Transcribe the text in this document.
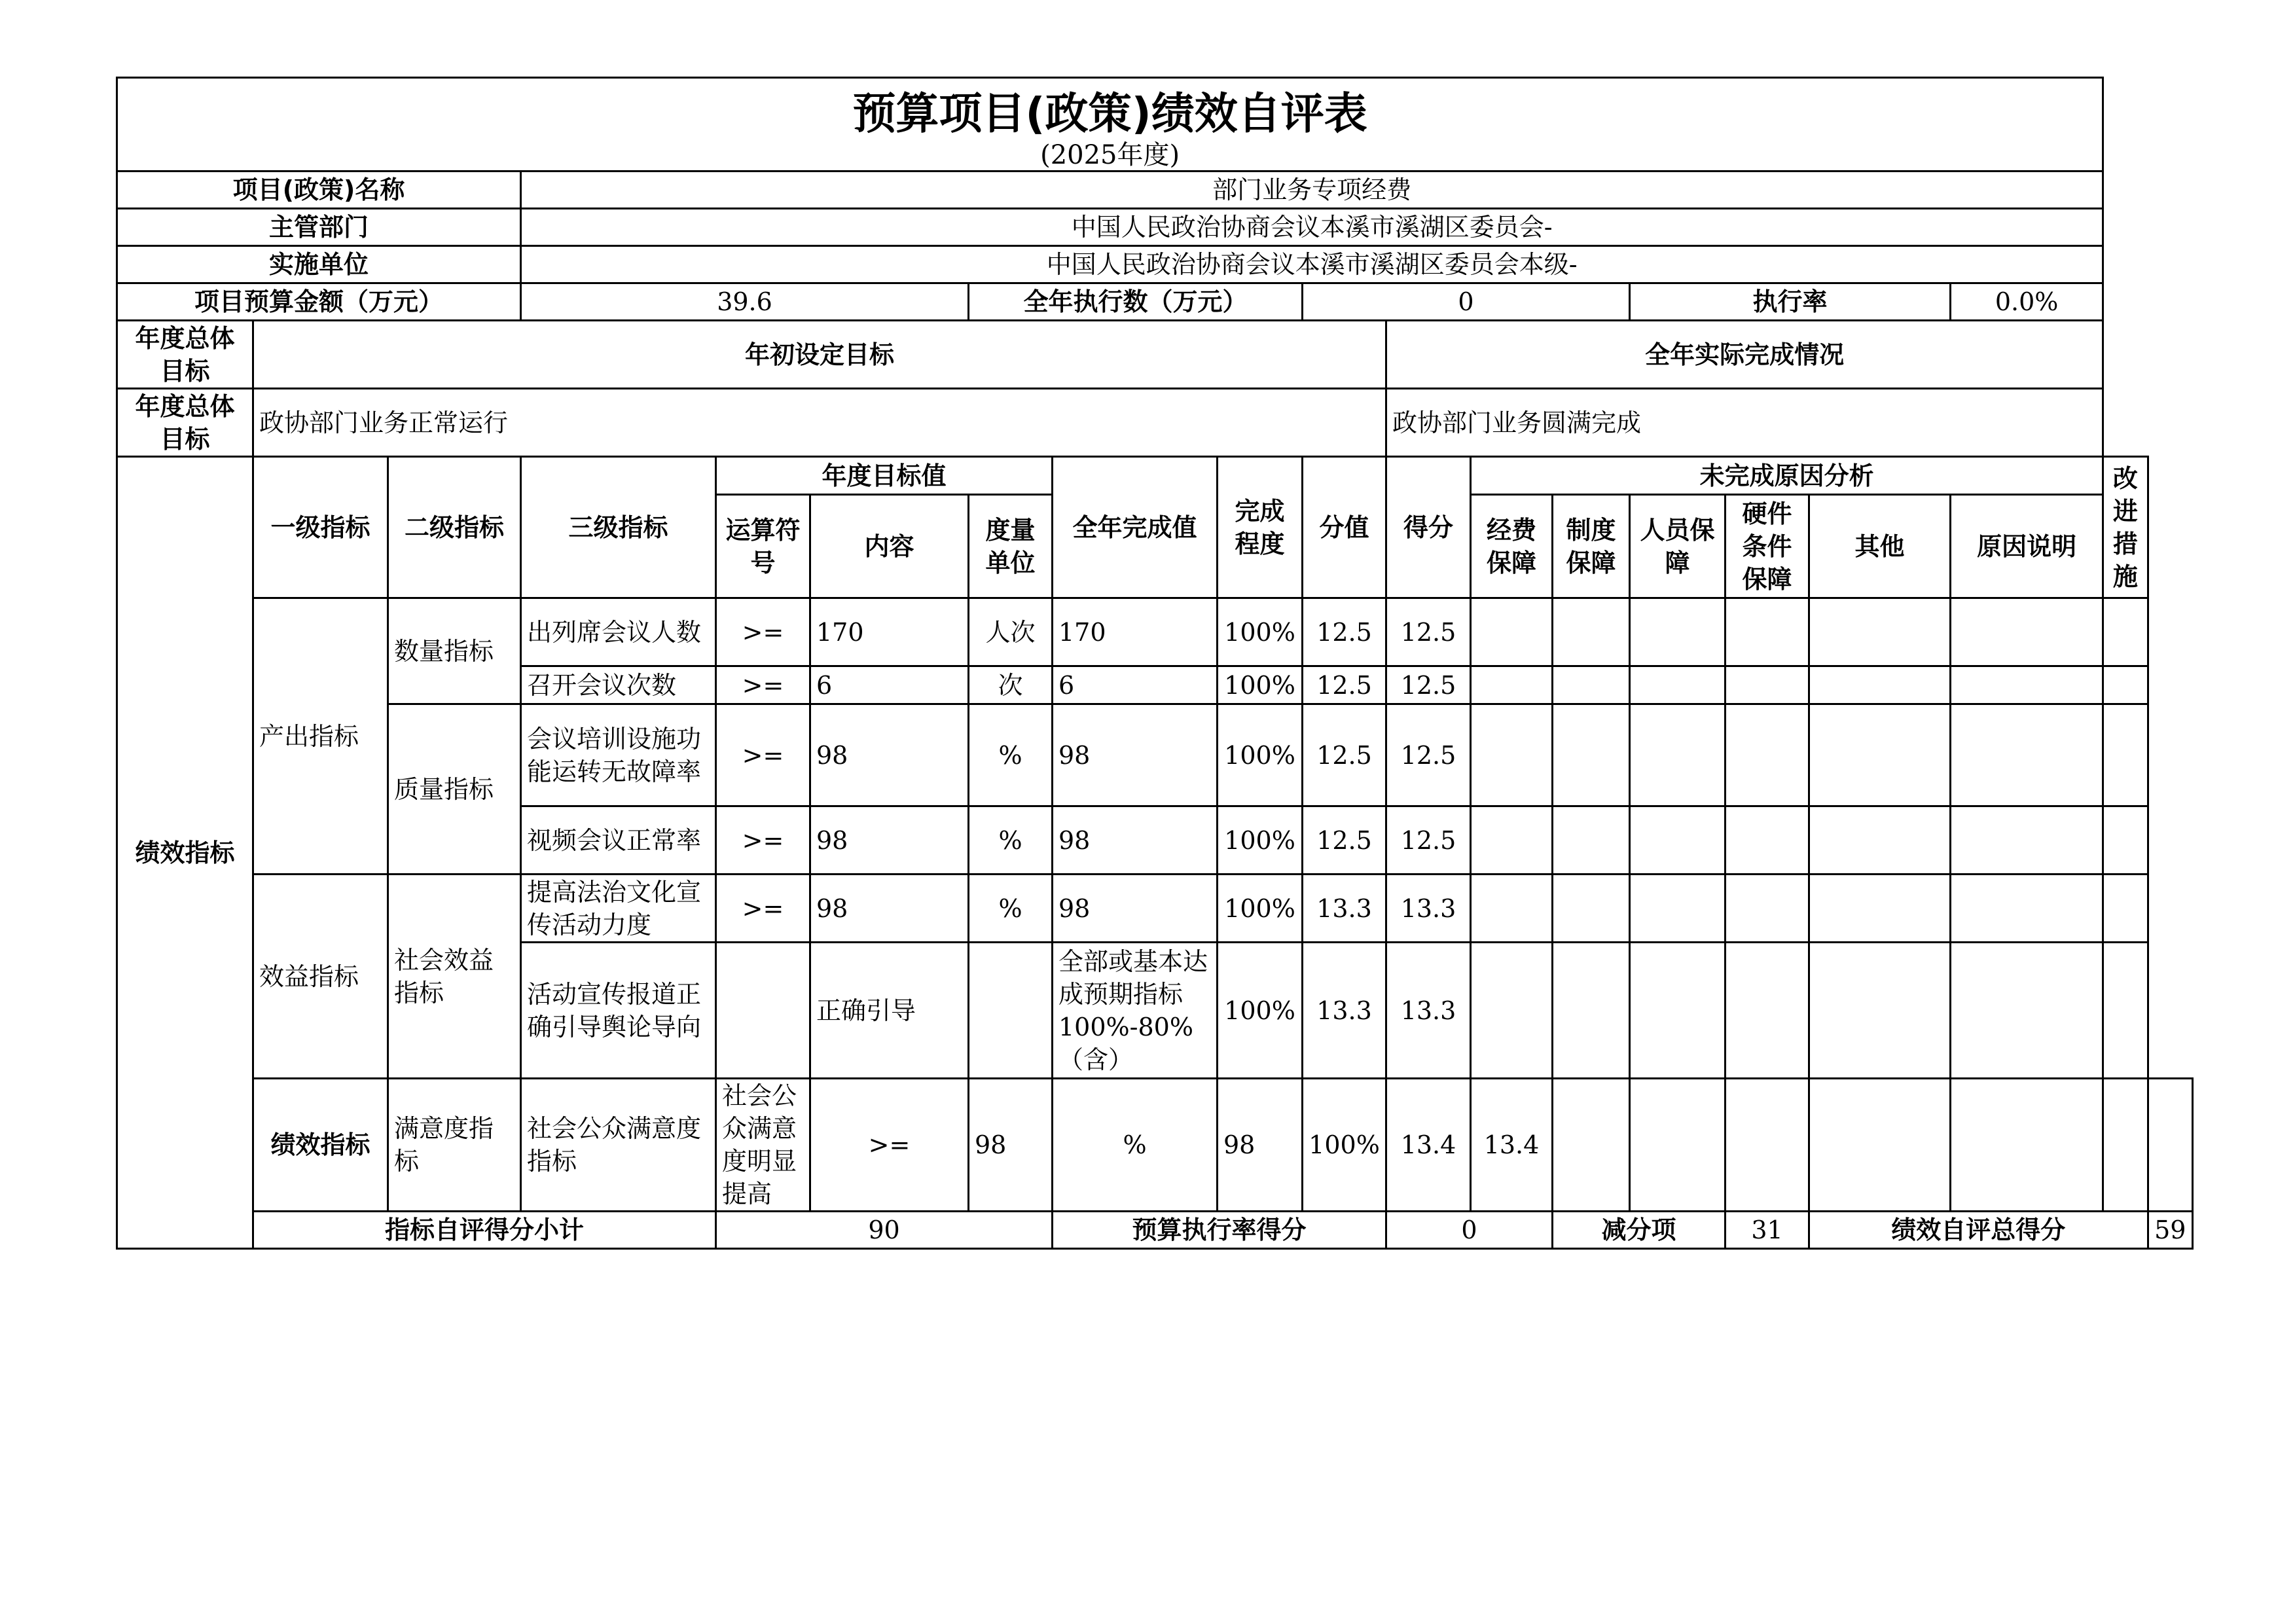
预算项目(政策)绩效自评表
(2025年度)																		

项目(政策)名称			部门业务专项经费															
主管部门			中国人民政治协商会议本溪市溪湖区委员会-															
实施单位			中国人民政治协商会议本溪市溪湖区委员会本级-															
项目预算金额（万元）			39.6			全年执行数（万元）			0				执行率			0.0%		
年度总体目标	年初设定目标									全年实际完成情况								
年度总体目标	政协部门业务正常运行									政协部门业务圆满完成								
绩效指标	一级指标	二级指标	三级指标	年度目标值			全年完成值	完成程度	分值	得分	未完成原因分析						改进措施	
				运算符号	内容	度量单位					经费保障	制度保障	人员保障	硬件条件保障	其他	原因说明		
	产出指标	数量指标	出列席会议人数	>=	170	人次	170	100%	12.5	12.5								
			召开会议次数	>=	6	次	6	100%	12.5	12.5								
		质量指标	会议培训设施功能运转无故障率	>=	98	%	98	100%	12.5	12.5								
			视频会议正常率	>=	98	%	98	100%	12.5	12.5								
	效益指标	社会效益指标	提高法治文化宣传活动力度	>=	98	%	98	100%	13.3	13.3								
			活动宣传报道正确引导舆论导向		正确引导		全部或基本达成预期指标100%-80%（含）	100%	13.3	13.3								
	绩效指标	满意度指标	社会公众满意度指标	社会公众满意度明显提高	>=	98	%	98	100%	13.4	13.4							
	指标自评得分小计			90			预算执行率得分			0		减分项		31	绩效自评总得分			59
